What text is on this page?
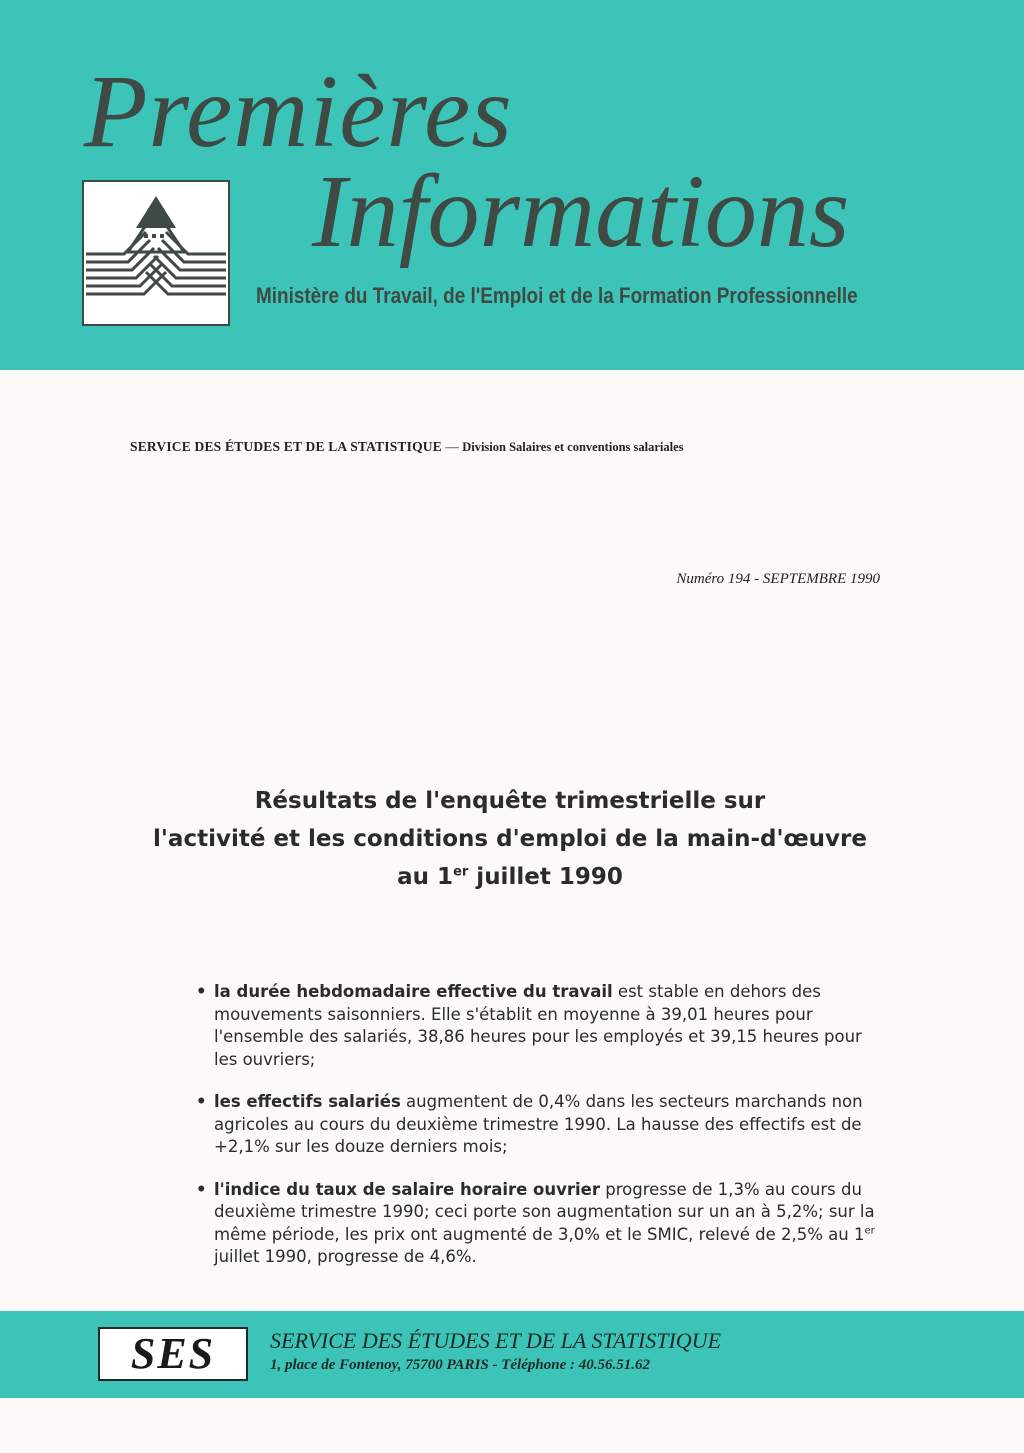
Premières
Informations
Ministère du Travail, de l'Emploi et de la Formation Professionnelle
SERVICE DES ÉTUDES ET DE LA STATISTIQUE — Division Salaires et conventions salariales
Numéro 194 - SEPTEMBRE 1990
Résultats de l'enquête trimestrielle sur
l'activité et les conditions d'emploi de la main-d'œuvre
au 1er juillet 1990
• la durée hebdomadaire effective du travail est stable en dehors des mouvements saisonniers. Elle s'établit en moyenne à 39,01 heures pour l'ensemble des salariés, 38,86 heures pour les employés et 39,15 heures pour les ouvriers;
• les effectifs salariés augmentent de 0,4% dans les secteurs marchands non agricoles au cours du deuxième trimestre 1990. La hausse des effectifs est de +2,1% sur les douze derniers mois;
• l'indice du taux de salaire horaire ouvrier progresse de 1,3% au cours du deuxième trimestre 1990; ceci porte son augmentation sur un an à 5,2%; sur la même période, les prix ont augmenté de 3,0% et le SMIC, relevé de 2,5% au 1er juillet 1990, progresse de 4,6%.
SES	SERVICE DES ÉTUDES ET DE LA STATISTIQUE
1, place de Fontenoy, 75700 PARIS - Téléphone : 40.56.51.62
